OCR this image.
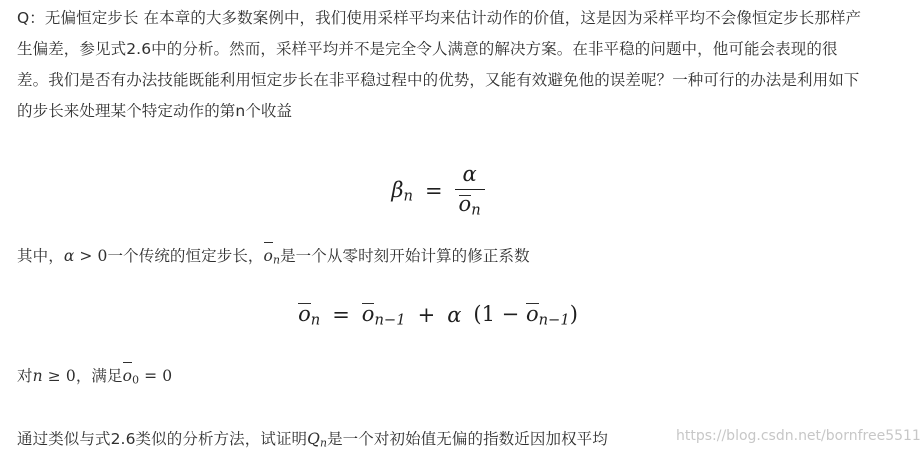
Q：无偏恒定步长 在本章的大多数案例中，我们使用采样平均来估计动作的价值，这是因为采样平均不会像恒定步长那样产生偏差，参见式2.6中的分析。然而，采样平均并不是完全令人满意的解决方案。在非平稳的问题中，他可能会表现的很差。我们是否有办法技能既能利用恒定步长在非平稳过程中的优势，又能有效避免他的误差呢？一种可行的办法是利用如下的步长来处理某个特定动作的第n个收益

$\beta_n = \frac{\alpha}{o_n}$

其中，α > 0一个传统的恒定步长，$o_n$是一个从零时刻开始计算的修正系数

$o_n = o_{n-1} + \alpha$ $(1 - o_{n-1})$

对n ≥ 0，满足$o_0 = 0$

通过类似与式2.6类似的分析方法，试证明$Q_n$是一个对初始值无偏的指数近因加权平均	https://blog.csdn.net/bornfree5511
